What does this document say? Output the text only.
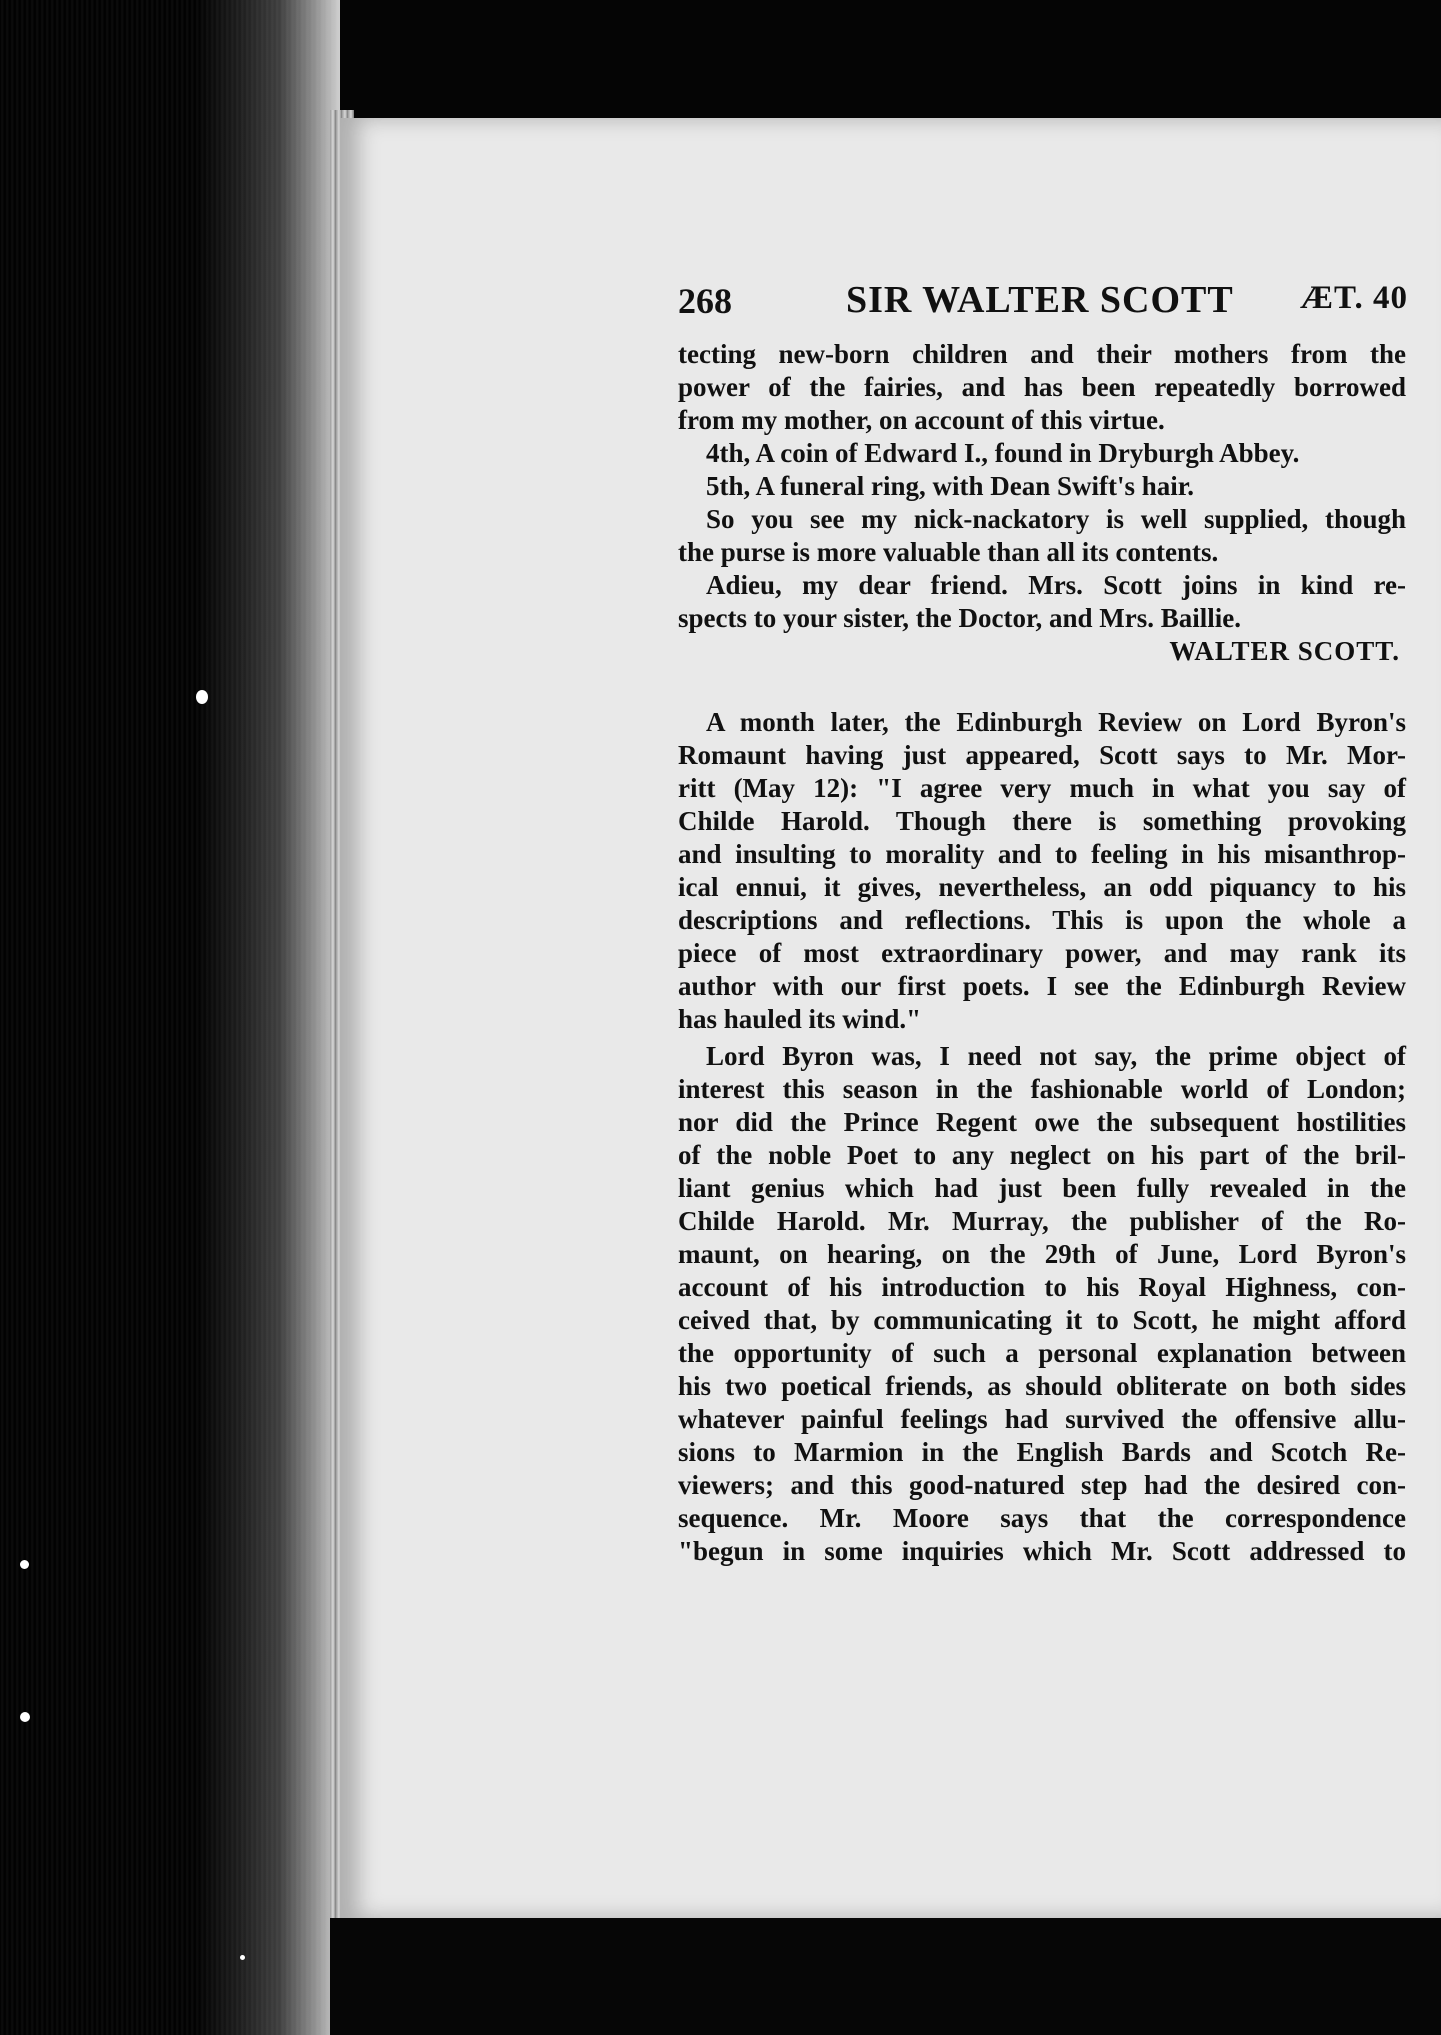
268	SIR WALTER SCOTT ÆT. 40
tecting new-born children and their mothers from the
power of the fairies, and has been repeatedly borrowed
from my mother, on account of this virtue.
4th, A coin of Edward I., found in Dryburgh Abbey.
5th, A funeral ring, with Dean Swift's hair.
So you see my nick-nackatory is well supplied, though
the purse is more valuable than all its contents.
Adieu, my dear friend. Mrs. Scott joins in kind re-
spects to your sister, the Doctor, and Mrs. Baillie.
WALTER SCOTT.
A month later, the Edinburgh Review on Lord Byron's
Romaunt having just appeared, Scott says to Mr. Mor-
ritt (May 12): "I agree very much in what you say of
Childe Harold. Though there is something provoking
and insulting to morality and to feeling in his misanthrop-
ical ennui, it gives, nevertheless, an odd piquancy to his
descriptions and reflections. This is upon the whole a
piece of most extraordinary power, and may rank its
author with our first poets. I see the Edinburgh Review
has hauled its wind."
Lord Byron was, I need not say, the prime object of
interest this season in the fashionable world of London;
nor did the Prince Regent owe the subsequent hostilities
of the noble Poet to any neglect on his part of the bril-
liant genius which had just been fully revealed in the
Childe Harold. Mr. Murray, the publisher of the Ro-
maunt, on hearing, on the 29th of June, Lord Byron's
account of his introduction to his Royal Highness, con-
ceived that, by communicating it to Scott, he might afford
the opportunity of such a personal explanation between
his two poetical friends, as should obliterate on both sides
whatever painful feelings had survived the offensive allu-
sions to Marmion in the English Bards and Scotch Re-
viewers; and this good-natured step had the desired con-
sequence. Mr. Moore says that the correspondence
"begun in some inquiries which Mr. Scott addressed to
